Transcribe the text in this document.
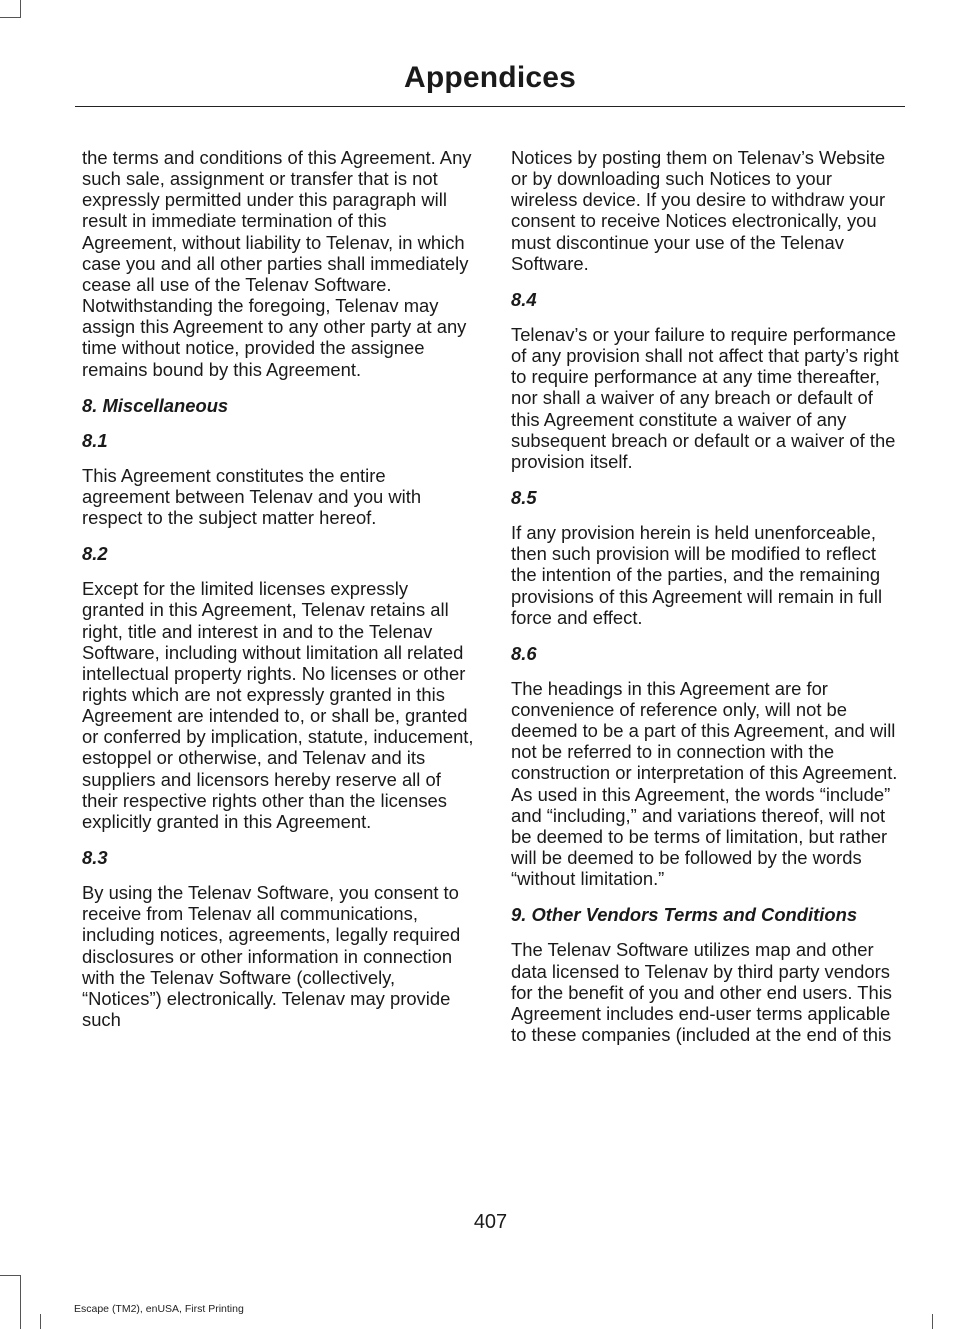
Appendices

the terms and conditions of this Agreement. Any such sale, assignment or transfer that is not expressly permitted under this paragraph will result in immediate termination of this Agreement, without liability to Telenav, in which case you and all other parties shall immediately cease all use of the Telenav Software. Notwithstanding the foregoing, Telenav may assign this Agreement to any other party at any time without notice, provided the assignee remains bound by this Agreement.

8. Miscellaneous

8.1

This Agreement constitutes the entire agreement between Telenav and you with respect to the subject matter hereof.

8.2

Except for the limited licenses expressly granted in this Agreement, Telenav retains all right, title and interest in and to the Telenav Software, including without limitation all related intellectual property rights. No licenses or other rights which are not expressly granted in this Agreement are intended to, or shall be, granted or conferred by implication, statute, inducement, estoppel or otherwise, and Telenav and its suppliers and licensors hereby reserve all of their respective rights other than the licenses explicitly granted in this Agreement.

8.3

By using the Telenav Software, you consent to receive from Telenav all communications, including notices, agreements, legally required disclosures or other information in connection with the Telenav Software (collectively, “Notices”) electronically. Telenav may provide such

Notices by posting them on Telenav’s Website or by downloading such Notices to your wireless device. If you desire to withdraw your consent to receive Notices electronically, you must discontinue your use of the Telenav Software.

8.4

Telenav’s or your failure to require performance of any provision shall not affect that party’s right to require performance at any time thereafter, nor shall a waiver of any breach or default of this Agreement constitute a waiver of any subsequent breach or default or a waiver of the provision itself.

8.5

If any provision herein is held unenforceable, then such provision will be modified to reflect the intention of the parties, and the remaining provisions of this Agreement will remain in full force and effect.

8.6

The headings in this Agreement are for convenience of reference only, will not be deemed to be a part of this Agreement, and will not be referred to in connection with the construction or interpretation of this Agreement. As used in this Agreement, the words “include” and “including,” and variations thereof, will not be deemed to be terms of limitation, but rather will be deemed to be followed by the words “without limitation.”

9. Other Vendors Terms and Conditions

The Telenav Software utilizes map and other data licensed to Telenav by third party vendors for the benefit of you and other end users. This Agreement includes end-user terms applicable to these companies (included at the end of this

407
Escape (TM2), enUSA, First Printing
